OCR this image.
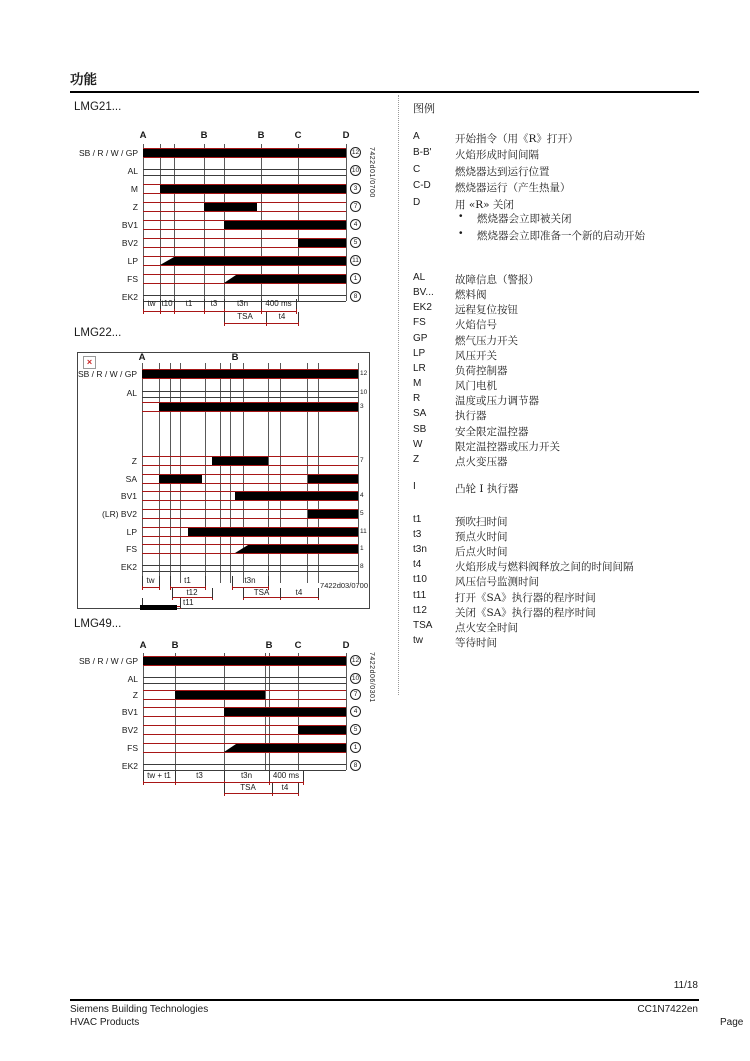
功能
图例
11/18
Siemens Building Technologies
HVAC Products
CC1N7422en
Page
A	开始指令（用《R》打开）
B-B' 火焰形成时间间隔
C	燃烧器达到运行位置
C-D 燃烧器运行（产生热量）
D	用 «R» 关闭
• 燃烧器会立即被关闭
• 燃烧器会立即准备一个新的启动开始
AL	故障信息（警报）
BV... 燃料阀
EK2 远程复位按钮
FS	火焰信号
GP	燃气压力开关
LP	风压开关
LR	负荷控制器
M	风门电机
R	温度或压力调节器
SA	执行器
SB	安全限定温控器
W	限定温控器或压力开关
Z	点火变压器
I	凸轮 I 执行器
t1	预吹扫时间
t3	预点火时间
t3n	后点火时间
t4	火焰形成与燃料阀释放之间的时间间隔
t10	风压信号监测时间
t11	打开《SA》执行器的程序时间
t12	关闭《SA》执行器的程序时间
TSA 点火安全时间
tw	等待时间
LMG21...
A	B	B	C	D
SB / R / W / GP	12
AL	10
M	3
Z	7
BV1	4
BV2	5
LP	11
FS	1
EK2	8
7422d01/0700
tw t10	t1	t3	t3n	400 ms
TSA	t4
LMG22...
A	B
SB / R / W / GP	12
AL	10
3
Z	7
SA
BV1	4
(LR) BV2	5
LP	11
FS	1
EK2	8
7422d03/0700
tw	t1	t3n
t12	TSA	t4
t11
×
LMG49...
A	B	B	C	D
SB / R / W / GP	12
AL	10
Z	7
BV1	4
BV2	5
FS	1
EK2	8
7422d06/0301
tw + t1	t3	t3n	400 ms
TSA	t4
